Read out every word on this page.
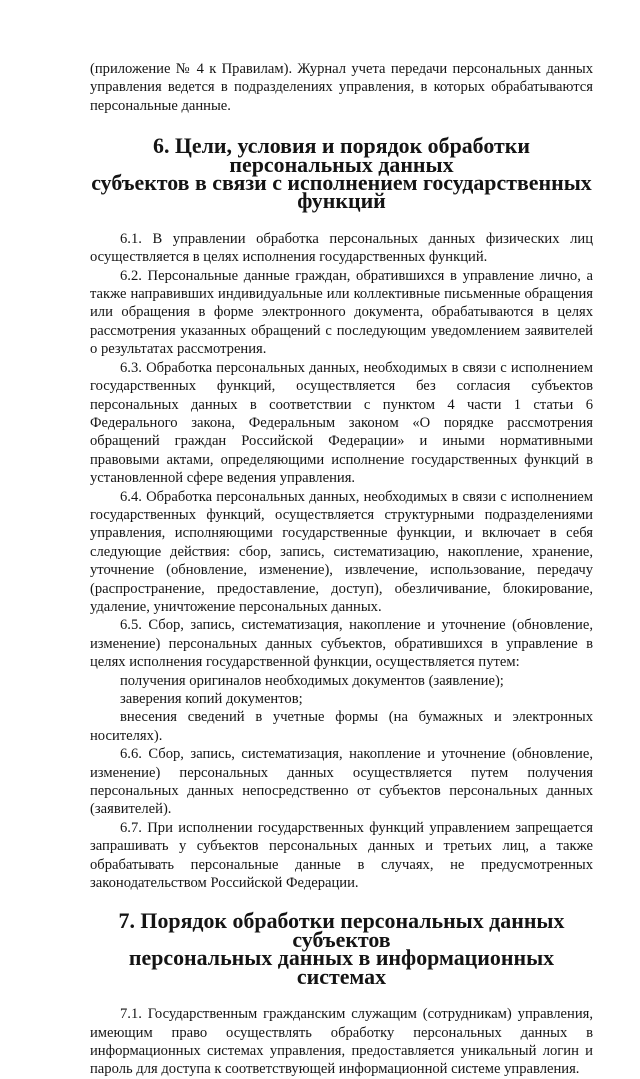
(приложение № 4 к Правилам). Журнал учета передачи персональных данных управления ведется в подразделениях управления, в которых обрабатываются персональные данные.

6. Цели, условия и порядок обработки персональных данных
субъектов в связи с исполнением государственных функций

6.1. В управлении обработка персональных данных физических лиц осуществляется в целях исполнения государственных функций.

6.2. Персональные данные граждан, обратившихся в управление лично, а также направивших индивидуальные или коллективные письменные обращения или обращения в форме электронного документа, обрабатываются в целях рассмотрения указанных обращений с последующим уведомлением заявителей о результатах рассмотрения.

6.3. Обработка персональных данных, необходимых в связи с исполнением государственных функций, осуществляется без согласия субъектов персональных данных в соответствии с пунктом 4 части 1 статьи 6 Федерального закона, Федеральным законом «О порядке рассмотрения обращений граждан Российской Федерации» и иными нормативными правовыми актами, определяющими исполнение государственных функций в установленной сфере ведения управления.

6.4. Обработка персональных данных, необходимых в связи с исполнением государственных функций, осуществляется структурными подразделениями управления, исполняющими государственные функции, и включает в себя следующие действия: сбор, запись, систематизацию, накопление, хранение, уточнение (обновление, изменение), извлечение, использование, передачу (распространение, предоставление, доступ), обезличивание, блокирование, удаление, уничтожение персональных данных.

6.5. Сбор, запись, систематизация, накопление и уточнение (обновление, изменение) персональных данных субъектов, обратившихся в управление в целях исполнения государственной функции, осуществляется путем:

получения оригиналов необходимых документов (заявление);

заверения копий документов;

внесения сведений в учетные формы (на бумажных и электронных носителях).

6.6. Сбор, запись, систематизация, накопление и уточнение (обновление, изменение) персональных данных осуществляется путем получения персональных данных непосредственно от субъектов персональных данных (заявителей).

6.7. При исполнении государственных функций управлением запрещается запрашивать у субъектов персональных данных и третьих лиц, а также обрабатывать персональные данные в случаях, не предусмотренных законодательством Российской Федерации.

7. Порядок обработки персональных данных субъектов
персональных данных в информационных системах

7.1. Государственным гражданским служащим (сотрудникам) управления, имеющим право осуществлять обработку персональных данных в информационных системах управления, предоставляется уникальный логин и пароль для доступа к соответствующей информационной системе управления.
